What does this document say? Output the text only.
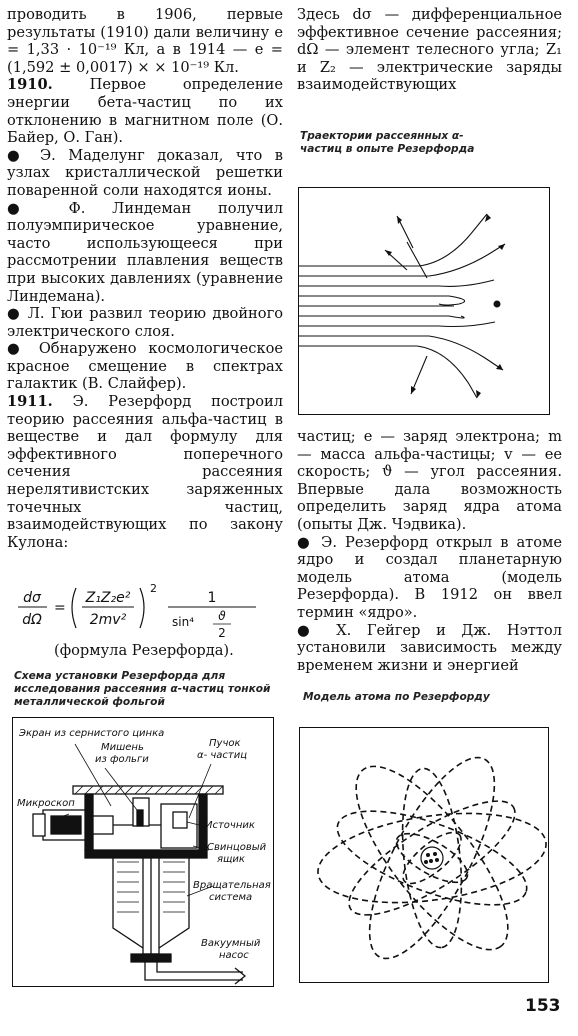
проводить в 1906, первые результаты (1910) дали величину e = 1,33 · 10⁻¹⁹ Кл, а в 1914 — e = (1,592 ± 0,0017) × × 10⁻¹⁹ Кл.

1910. Первое определение энергии бета-частиц по их отклонению в магнитном поле (О. Байер, О. Ган).

● Э. Маделунг доказал, что в узлах кристаллической решетки поваренной соли находятся ионы.

● Ф. Линдеман получил полуэмпирическое уравнение, часто использующееся при рассмотрении плавления веществ при высоких давлениях (уравнение Линдемана).

● Л. Гюи развил теорию двойного электрического слоя.

● Обнаружено космологическое красное смещение в спектрах галактик (В. Слайфер).

1911. Э. Резерфорд построил теорию рассеяния альфа-частиц в веществе и дал формулу для эффективного поперечного сечения рассеяния нерелятивистских заряженных точечных частиц, взаимодействующих по закону Кулона:

dσ
dΩ
=
Z₁Z₂e²
2mv²
2
1
sin⁴ ϑ
2
(формула Резерфорда).
Схема установки Резерфорда для исследования рассеяния α-частиц тонкой металлической фольгой
Экран из сернистого цинка
Мишень
из фольги
Пучок
α- частиц
Микроскоп
Источник
Свинцовый
ящик
Вращательная
система
Вакуумный
насос

Здесь dσ — дифференциальное эффективное сечение рассеяния; dΩ — элемент телесного угла; Z₁ и Z₂ — электрические заряды взаимодействующих

Траектории рассеянных α-частиц в опыте Резерфорда

частиц; e — заряд электрона; m — масса альфа-частицы; v — ее скорость; ϑ — угол рассеяния. Впервые дала возможность определить заряд ядра атома (опыты Дж. Чэдвика).

● Э. Резерфорд открыл в атоме ядро и создал планетарную модель атома (модель Резерфорда). В 1912 он ввел термин «ядро».

● Х. Гейгер и Дж. Нэттол установили зависимость между временем жизни и энергией

Модель атома по Резерфорду
153
